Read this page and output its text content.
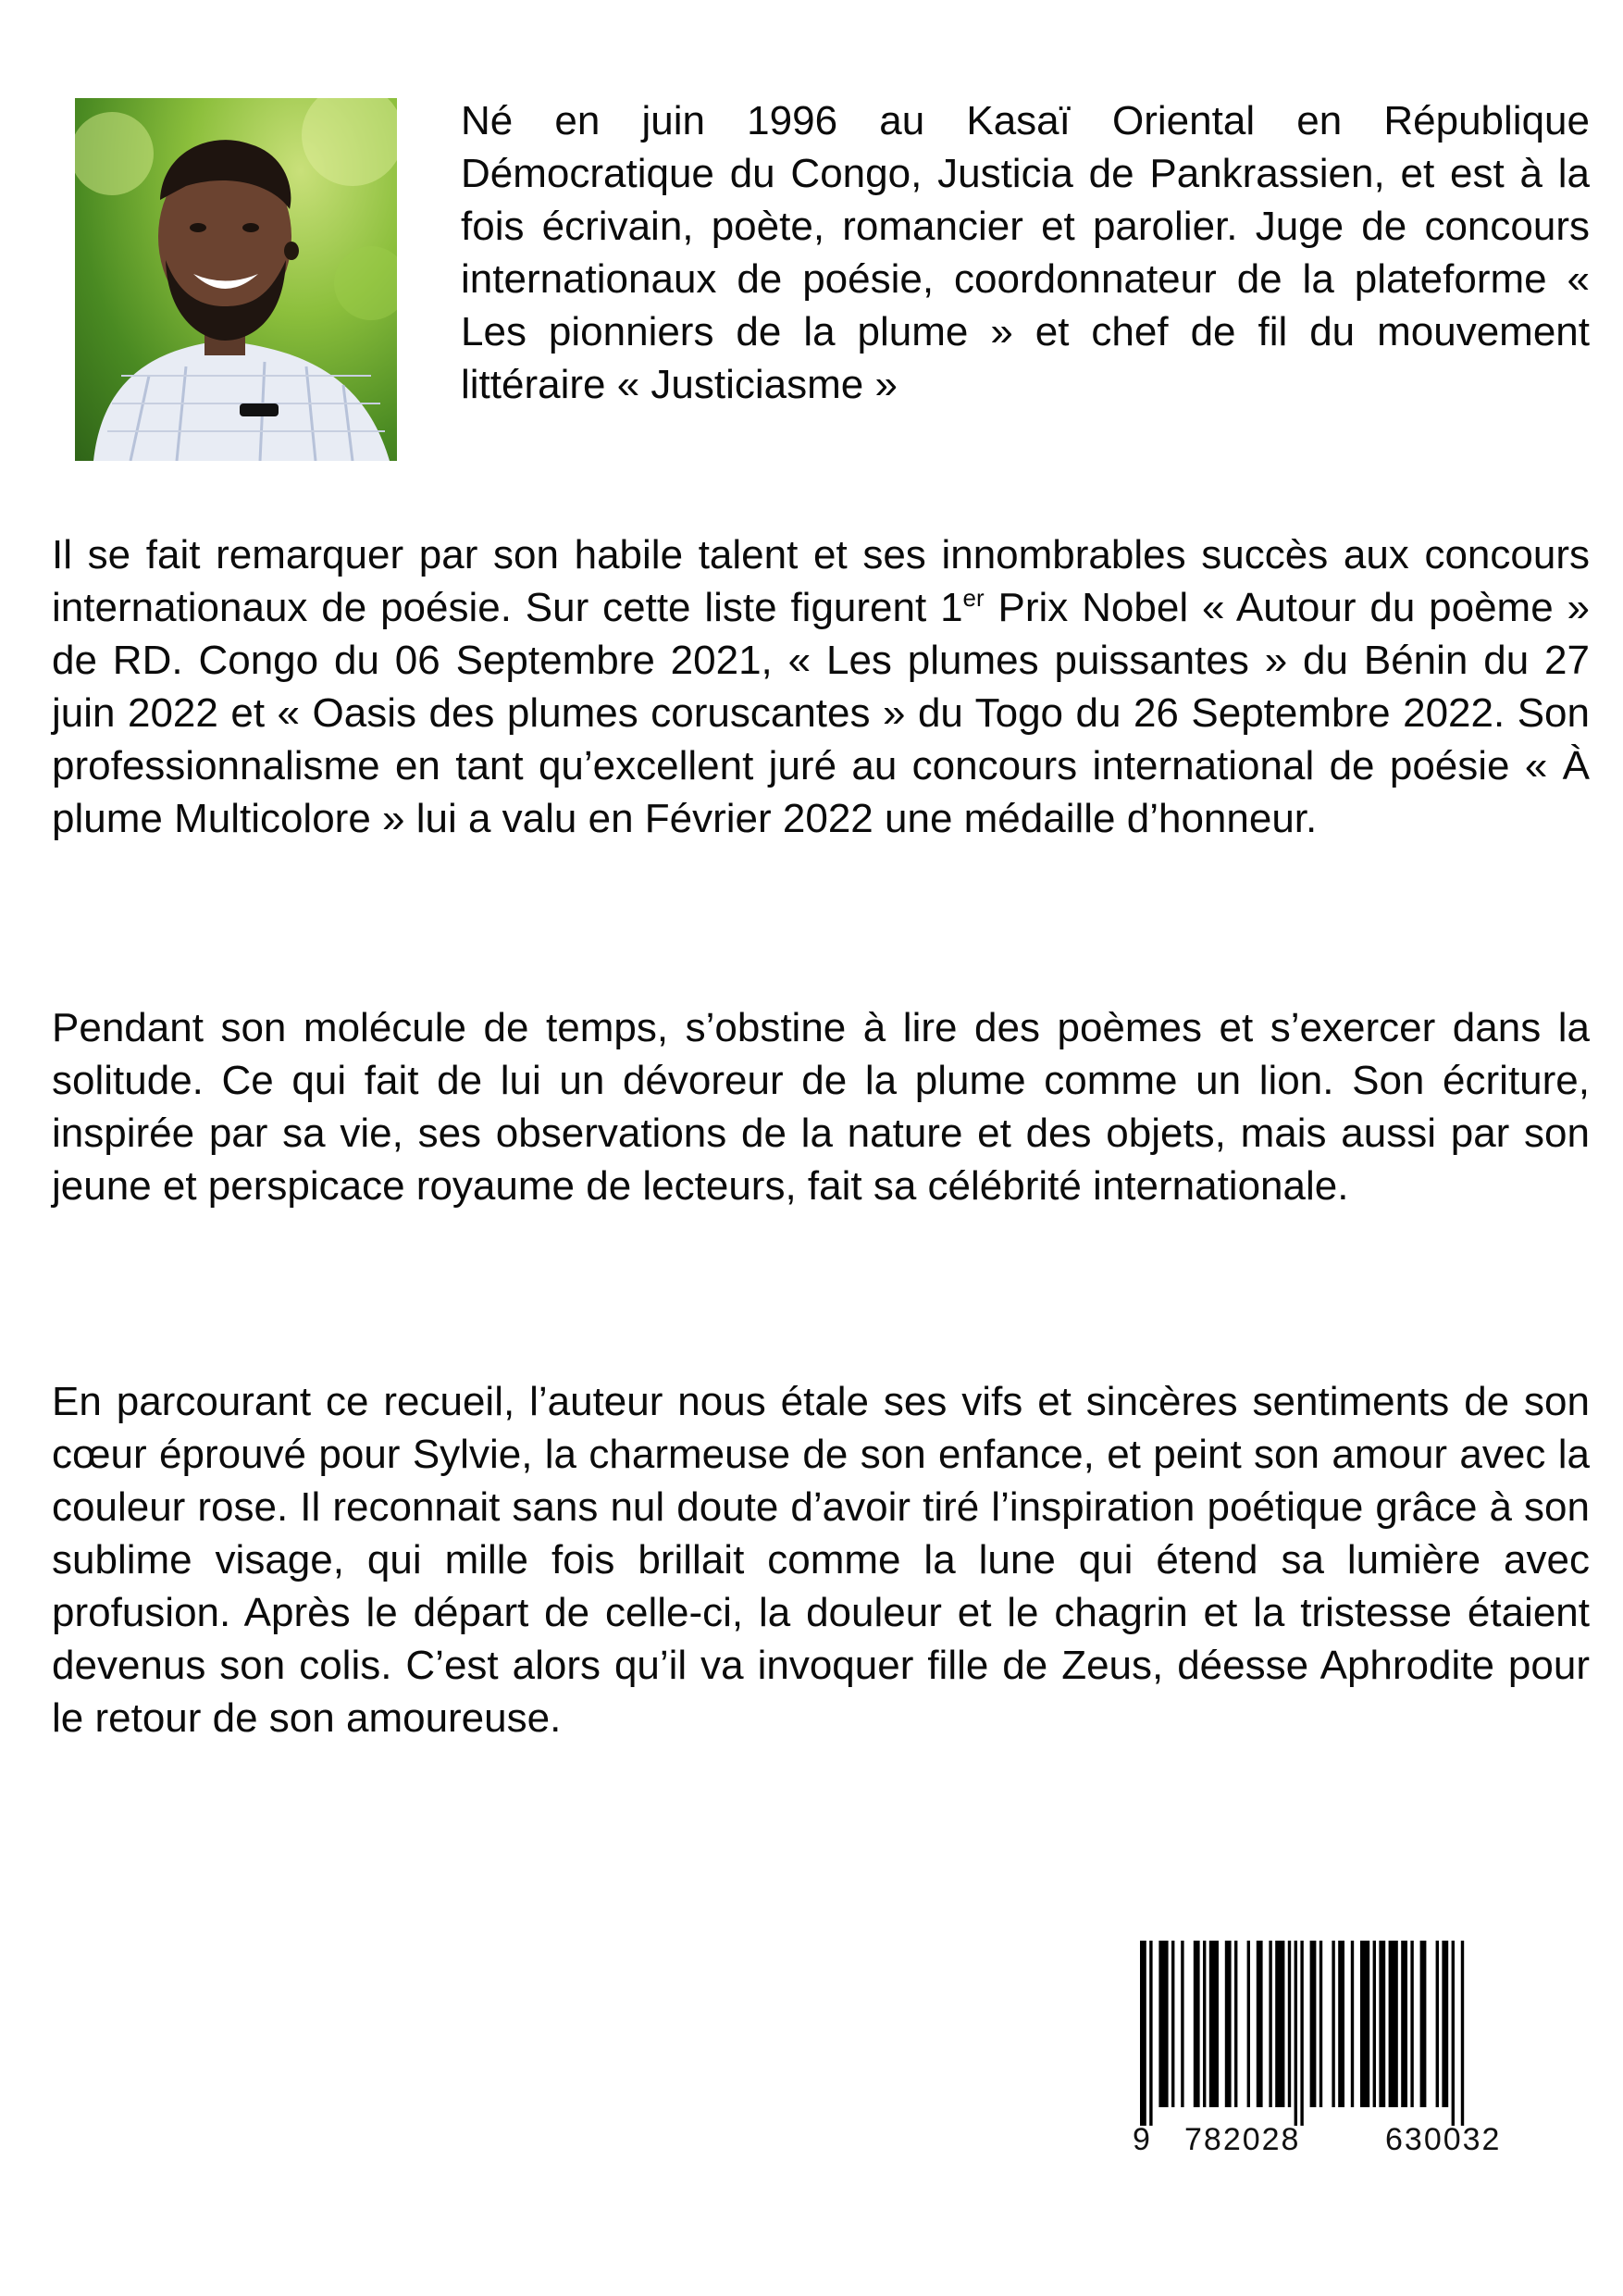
Né en juin 1996 au Kasaï Oriental en République Démocratique du Congo, Justicia de Pankrassien, et est à la fois écrivain, poète, romancier et parolier. Juge de concours internationaux de poésie, coordonnateur de la plateforme « Les pionniers de la plume » et chef de fil du mouvement littéraire « Justiciasme »

Il se fait remarquer par son habile talent et ses innombrables succès aux concours internationaux de poésie. Sur cette liste figurent 1er Prix Nobel « Autour du poème » de RD. Congo du 06 Septembre 2021, « Les plumes puissantes » du Bénin du 27 juin 2022 et « Oasis des plumes coruscantes » du Togo du 26 Septembre 2022. Son professionnalisme en tant qu’excellent juré au concours international de poésie « À plume Multicolore » lui a valu en Février 2022 une médaille d’honneur.

Pendant son molécule de temps, s’obstine à lire des poèmes et s’exercer dans la solitude. Ce qui fait de lui un dévoreur de la plume comme un lion. Son écriture, inspirée par sa vie, ses observations de la nature et des objets, mais aussi par son jeune et perspicace royaume de lecteurs, fait sa célébrité internationale.

En parcourant ce recueil, l’auteur nous étale ses vifs et sincères sentiments de son cœur éprouvé pour Sylvie, la charmeuse de son enfance, et peint son amour avec la couleur rose. Il reconnait sans nul doute d’avoir tiré l’inspiration poétique grâce à son sublime visage, qui mille fois brillait comme la lune qui étend sa lumière avec profusion. Après le départ de celle-ci, la douleur et le chagrin et la tristesse étaient devenus son colis. C’est alors qu’il va invoquer fille de Zeus, déesse Aphrodite pour le retour de son amoureuse.

9 782028	630032
